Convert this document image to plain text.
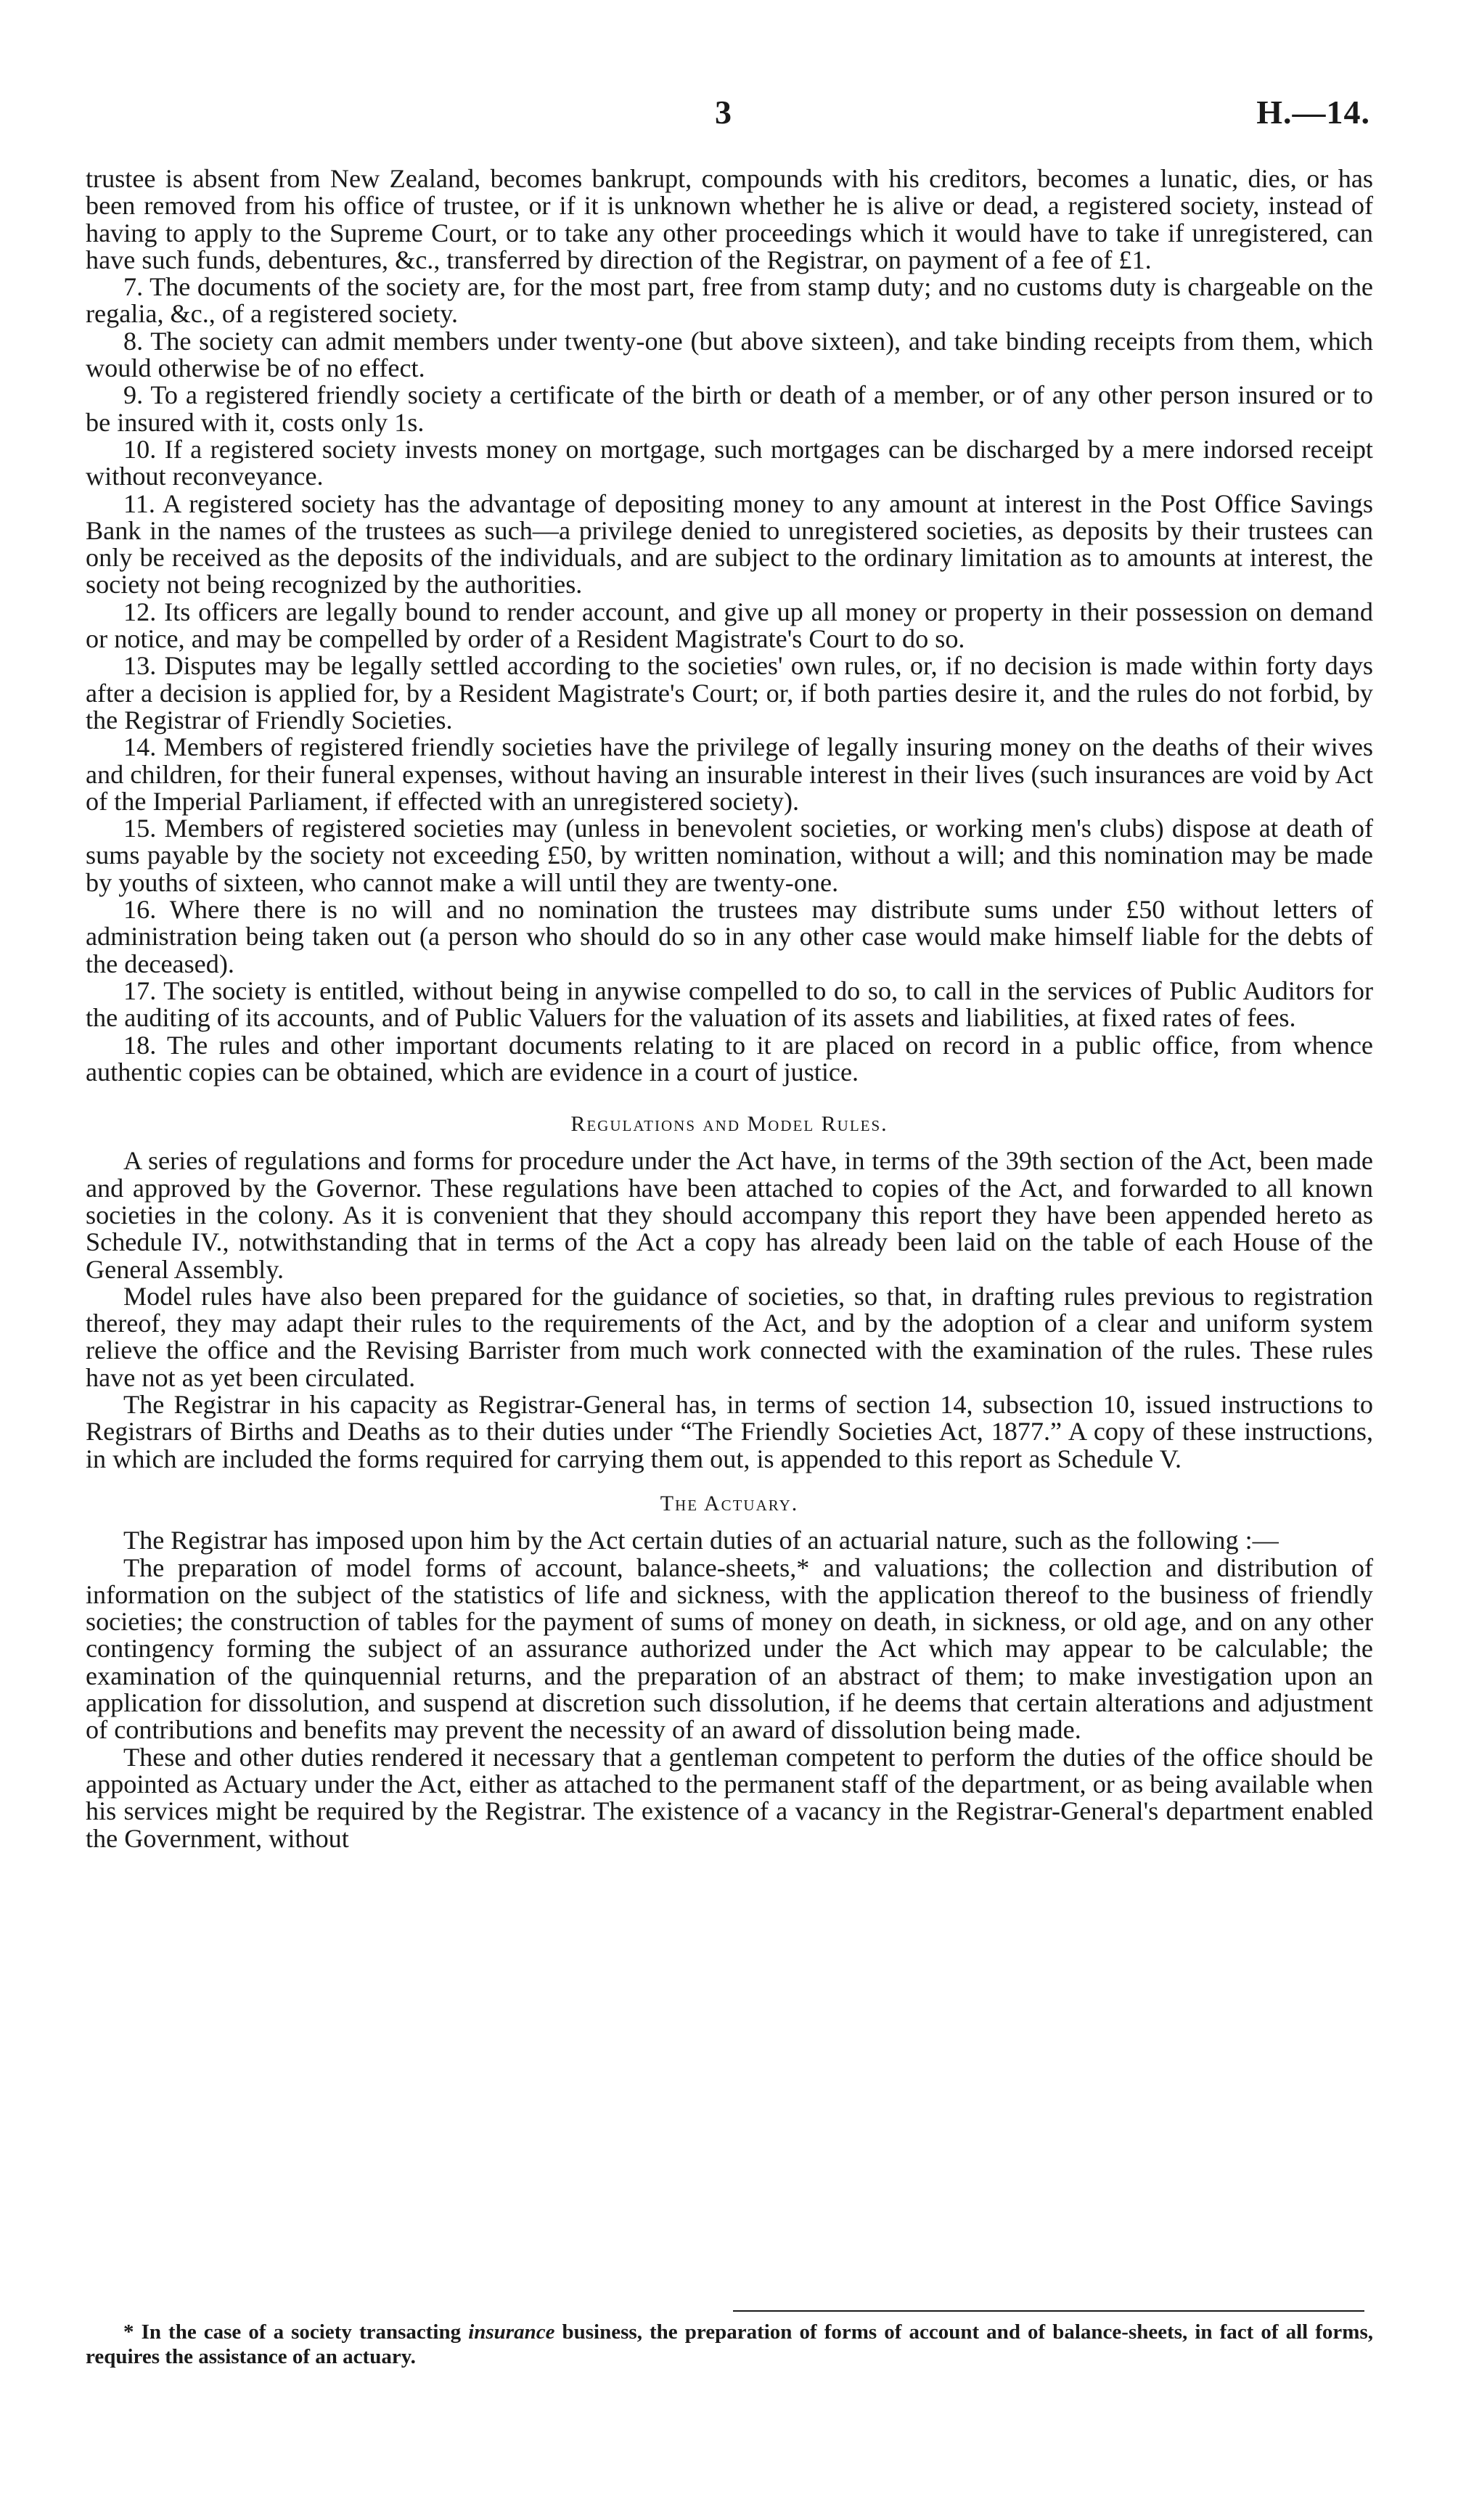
3	H.—14.

trustee is absent from New Zealand, becomes bankrupt, compounds with his creditors, becomes a lunatic, dies, or has been removed from his office of trustee, or if it is unknown whether he is alive or dead, a registered society, instead of having to apply to the Supreme Court, or to take any other proceedings which it would have to take if unregistered, can have such funds, debentures, &c., transferred by direction of the Registrar, on payment of a fee of £1.

7. The documents of the society are, for the most part, free from stamp duty; and no customs duty is chargeable on the regalia, &c., of a registered society.

8. The society can admit members under twenty-one (but above sixteen), and take binding receipts from them, which would otherwise be of no effect.

9. To a registered friendly society a certificate of the birth or death of a member, or of any other person insured or to be insured with it, costs only 1s.

10. If a registered society invests money on mortgage, such mortgages can be discharged by a mere indorsed receipt without reconveyance.

11. A registered society has the advantage of depositing money to any amount at interest in the Post Office Savings Bank in the names of the trustees as such—a privilege denied to unregistered societies, as deposits by their trustees can only be received as the deposits of the individuals, and are subject to the ordinary limitation as to amounts at interest, the society not being recognized by the authorities.

12. Its officers are legally bound to render account, and give up all money or property in their possession on demand or notice, and may be compelled by order of a Resident Magistrate's Court to do so.

13. Disputes may be legally settled according to the societies' own rules, or, if no decision is made within forty days after a decision is applied for, by a Resident Magistrate's Court; or, if both parties desire it, and the rules do not forbid, by the Registrar of Friendly Societies.

14. Members of registered friendly societies have the privilege of legally insuring money on the deaths of their wives and children, for their funeral expenses, without having an insurable interest in their lives (such insurances are void by Act of the Imperial Parliament, if effected with an unregistered society).

15. Members of registered societies may (unless in benevolent societies, or working men's clubs) dispose at death of sums payable by the society not exceeding £50, by written nomination, without a will; and this nomination may be made by youths of sixteen, who cannot make a will until they are twenty-one.

16. Where there is no will and no nomination the trustees may distribute sums under £50 without letters of administration being taken out (a person who should do so in any other case would make himself liable for the debts of the deceased).

17. The society is entitled, without being in anywise compelled to do so, to call in the services of Public Auditors for the auditing of its accounts, and of Public Valuers for the valuation of its assets and liabilities, at fixed rates of fees.

18. The rules and other important documents relating to it are placed on record in a public office, from whence authentic copies can be obtained, which are evidence in a court of justice.

Regulations and Model Rules.

A series of regulations and forms for procedure under the Act have, in terms of the 39th section of the Act, been made and approved by the Governor. These regulations have been attached to copies of the Act, and forwarded to all known societies in the colony. As it is convenient that they should accompany this report they have been appended hereto as Schedule IV., notwithstanding that in terms of the Act a copy has already been laid on the table of each House of the General Assembly.

Model rules have also been prepared for the guidance of societies, so that, in drafting rules previous to registration thereof, they may adapt their rules to the requirements of the Act, and by the adoption of a clear and uniform system relieve the office and the Revising Barrister from much work connected with the examination of the rules. These rules have not as yet been circulated.

The Registrar in his capacity as Registrar-General has, in terms of section 14, subsection 10, issued instructions to Registrars of Births and Deaths as to their duties under “The Friendly Societies Act, 1877.” A copy of these instructions, in which are included the forms required for carrying them out, is appended to this report as Schedule V.

The Actuary.

The Registrar has imposed upon him by the Act certain duties of an actuarial nature, such as the following :—

The preparation of model forms of account, balance-sheets,* and valuations; the collection and distribution of information on the subject of the statistics of life and sickness, with the application thereof to the business of friendly societies; the construction of tables for the payment of sums of money on death, in sickness, or old age, and on any other contingency forming the subject of an assurance authorized under the Act which may appear to be calculable; the examination of the quinquennial returns, and the preparation of an abstract of them; to make investigation upon an application for dissolution, and suspend at discretion such dissolution, if he deems that certain alterations and adjustment of contributions and benefits may prevent the necessity of an award of dissolution being made.

These and other duties rendered it necessary that a gentleman competent to perform the duties of the office should be appointed as Actuary under the Act, either as attached to the permanent staff of the department, or as being available when his services might be required by the Registrar. The existence of a vacancy in the Registrar-General's department enabled the Government, without

* In the case of a society transacting insurance business, the preparation of forms of account and of balance-sheets, in fact of all forms, requires the assistance of an actuary.
